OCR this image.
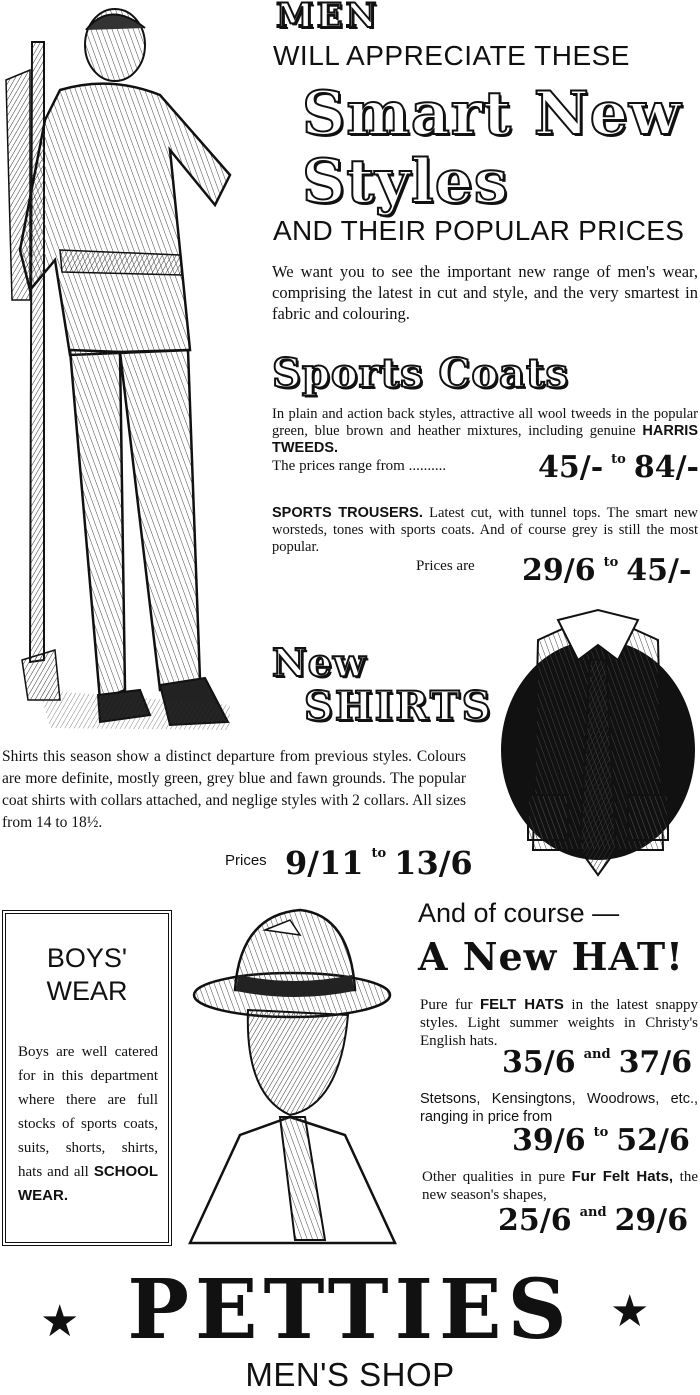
MEN
WILL APPRECIATE THESE
Smart New
Styles
AND THEIR POPULAR PRICES
We want you to see the important new range of men's wear, comprising the latest in cut and style, and the very smartest in fabric and colouring.
Sports Coats
In plain and action back styles, attractive all wool tweeds in the popular green, blue brown and heather mixtures, including genuine HARRIS TWEEDS.
The prices range from ..........	45/- $^{to}$ 84/-
SPORTS TROUSERS. Latest cut, with tunnel tops. The smart new worsteds, tones with sports coats. And of course grey is still the most popular.
Prices are 29/6 $^{to}$ 45/-
New
SHIRTS
Shirts this season show a distinct departure from previous styles. Colours are more definite, mostly green, grey blue and fawn grounds. The popular coat shirts with collars attached, and neglige styles with 2 collars. All sizes from 14 to 18½.
Prices 9/11 $^{to}$ 13/6
BOYS'
WEAR
Boys are well catered for in this department where there are full stocks of sports coats, suits, shorts, shirts, hats and all SCHOOL WEAR.
And of course —
A New HAT!
Pure fur FELT HATS in the latest snappy styles. Light summer weights in Christy's English hats.
35/6 $^{and}$ 37/6
Stetsons, Kensingtons, Woodrows, etc., ranging in price from
39/6 $^{to}$ 52/6
Other qualities in pure Fur Felt Hats, the new season's shapes,
25/6 $^{and}$ 29/6
★ PETTIES ★
MEN'S SHOP
